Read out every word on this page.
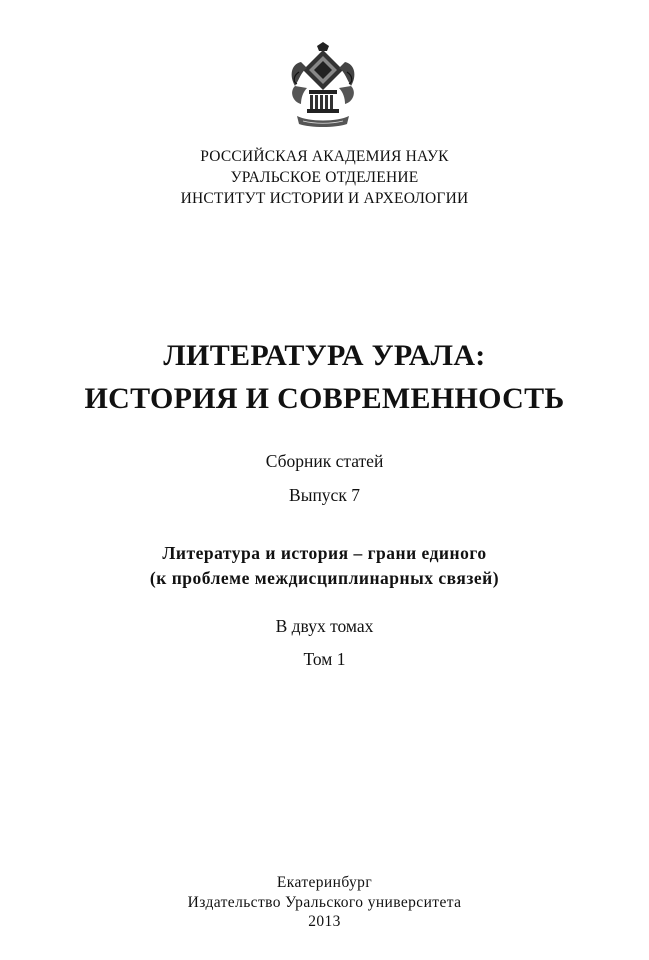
РОССИЙСКАЯ АКАДЕМИЯ НАУК
УРАЛЬСКОЕ ОТДЕЛЕНИЕ
ИНСТИТУТ ИСТОРИИ И АРХЕОЛОГИИ
ЛИТЕРАТУРА УРАЛА:
ИСТОРИЯ И СОВРЕМЕННОСТЬ
Сборник статей
Выпуск 7
Литература и история – грани единого
(к проблеме междисциплинарных связей)
В двух томах
Том 1
Екатеринбург
Издательство Уральского университета
2013
